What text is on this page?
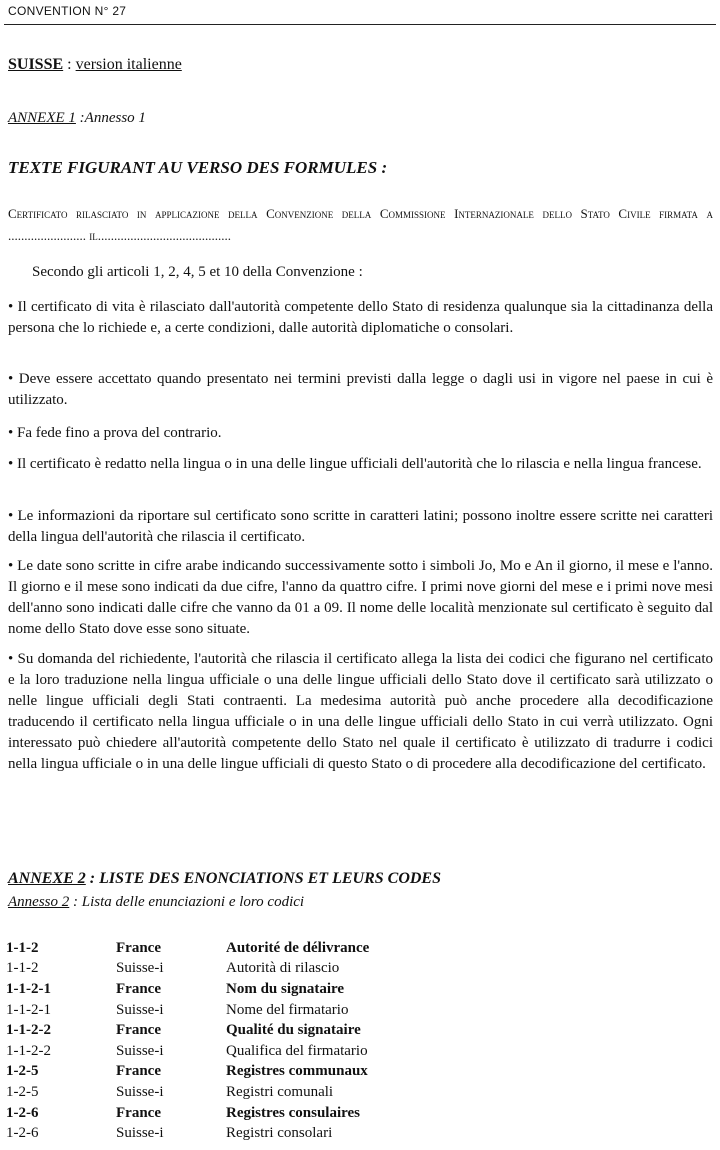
CONVENTION N° 27
SUISSE : version italienne
ANNEXE 1 :Annesso 1
TEXTE FIGURANT AU VERSO DES FORMULES :
Certificato rilasciato in applicazione della Convenzione della Commissione Internazionale dello Stato Civile firmata a ........................ il.........................................
Secondo gli articoli 1, 2, 4, 5 et 10 della Convenzione :
• Il certificato di vita è rilasciato dall'autorità competente dello Stato di residenza qualunque sia la cittadinanza della persona che lo richiede e, a certe condizioni, dalle autorità diplomatiche o consolari.
• Deve essere accettato quando presentato nei termini previsti dalla legge o dagli usi in vigore nel paese in cui è utilizzato.
• Fa fede fino a prova del contrario.
• Il certificato è redatto nella lingua o in una delle lingue ufficiali dell'autorità che lo rilascia e nella lingua francese.
• Le informazioni da riportare sul certificato sono scritte in caratteri latini; possono inoltre essere scritte nei caratteri della lingua dell'autorità che rilascia il certificato.
• Le date sono scritte in cifre arabe indicando successivamente sotto i simboli Jo, Mo e An il giorno, il mese e l'anno. Il giorno e il mese sono indicati da due cifre, l'anno da quattro cifre. I primi nove giorni del mese e i primi nove mesi dell'anno sono indicati dalle cifre che vanno da 01 a 09. Il nome delle località menzionate sul certificato è seguito dal nome dello Stato dove esse sono situate.
• Su domanda del richiedente, l'autorità che rilascia il certificato allega la lista dei codici che figurano nel certificato e la loro traduzione nella lingua ufficiale o una delle lingue ufficiali dello Stato dove il certificato sarà utilizzato o nelle lingue ufficiali degli Stati contraenti. La medesima autorità può anche procedere alla decodificazione traducendo il certificato nella lingua ufficiale o in una delle lingue ufficiali dello Stato in cui verrà utilizzato. Ogni interessato può chiedere all'autorità competente dello Stato nel quale il certificato è utilizzato di tradurre i codici nella lingua ufficiale o in una delle lingue ufficiali di questo Stato o di procedere alla decodificazione del certificato.
ANNEXE 2 : LISTE DES ENONCIATIONS ET LEURS CODES
Annesso 2 : Lista delle enunciazioni e loro codici
1-1-2	France	Autorité de délivrance
1-1-2	Suisse-i	Autorità di rilascio
1-1-2-1	France	Nom du signataire
1-1-2-1	Suisse-i	Nome del firmatario
1-1-2-2	France	Qualité du signataire
1-1-2-2	Suisse-i	Qualifica del firmatario
1-2-5	France	Registres communaux
1-2-5	Suisse-i	Registri comunali
1-2-6	France	Registres consulaires
1-2-6	Suisse-i	Registri consolari
